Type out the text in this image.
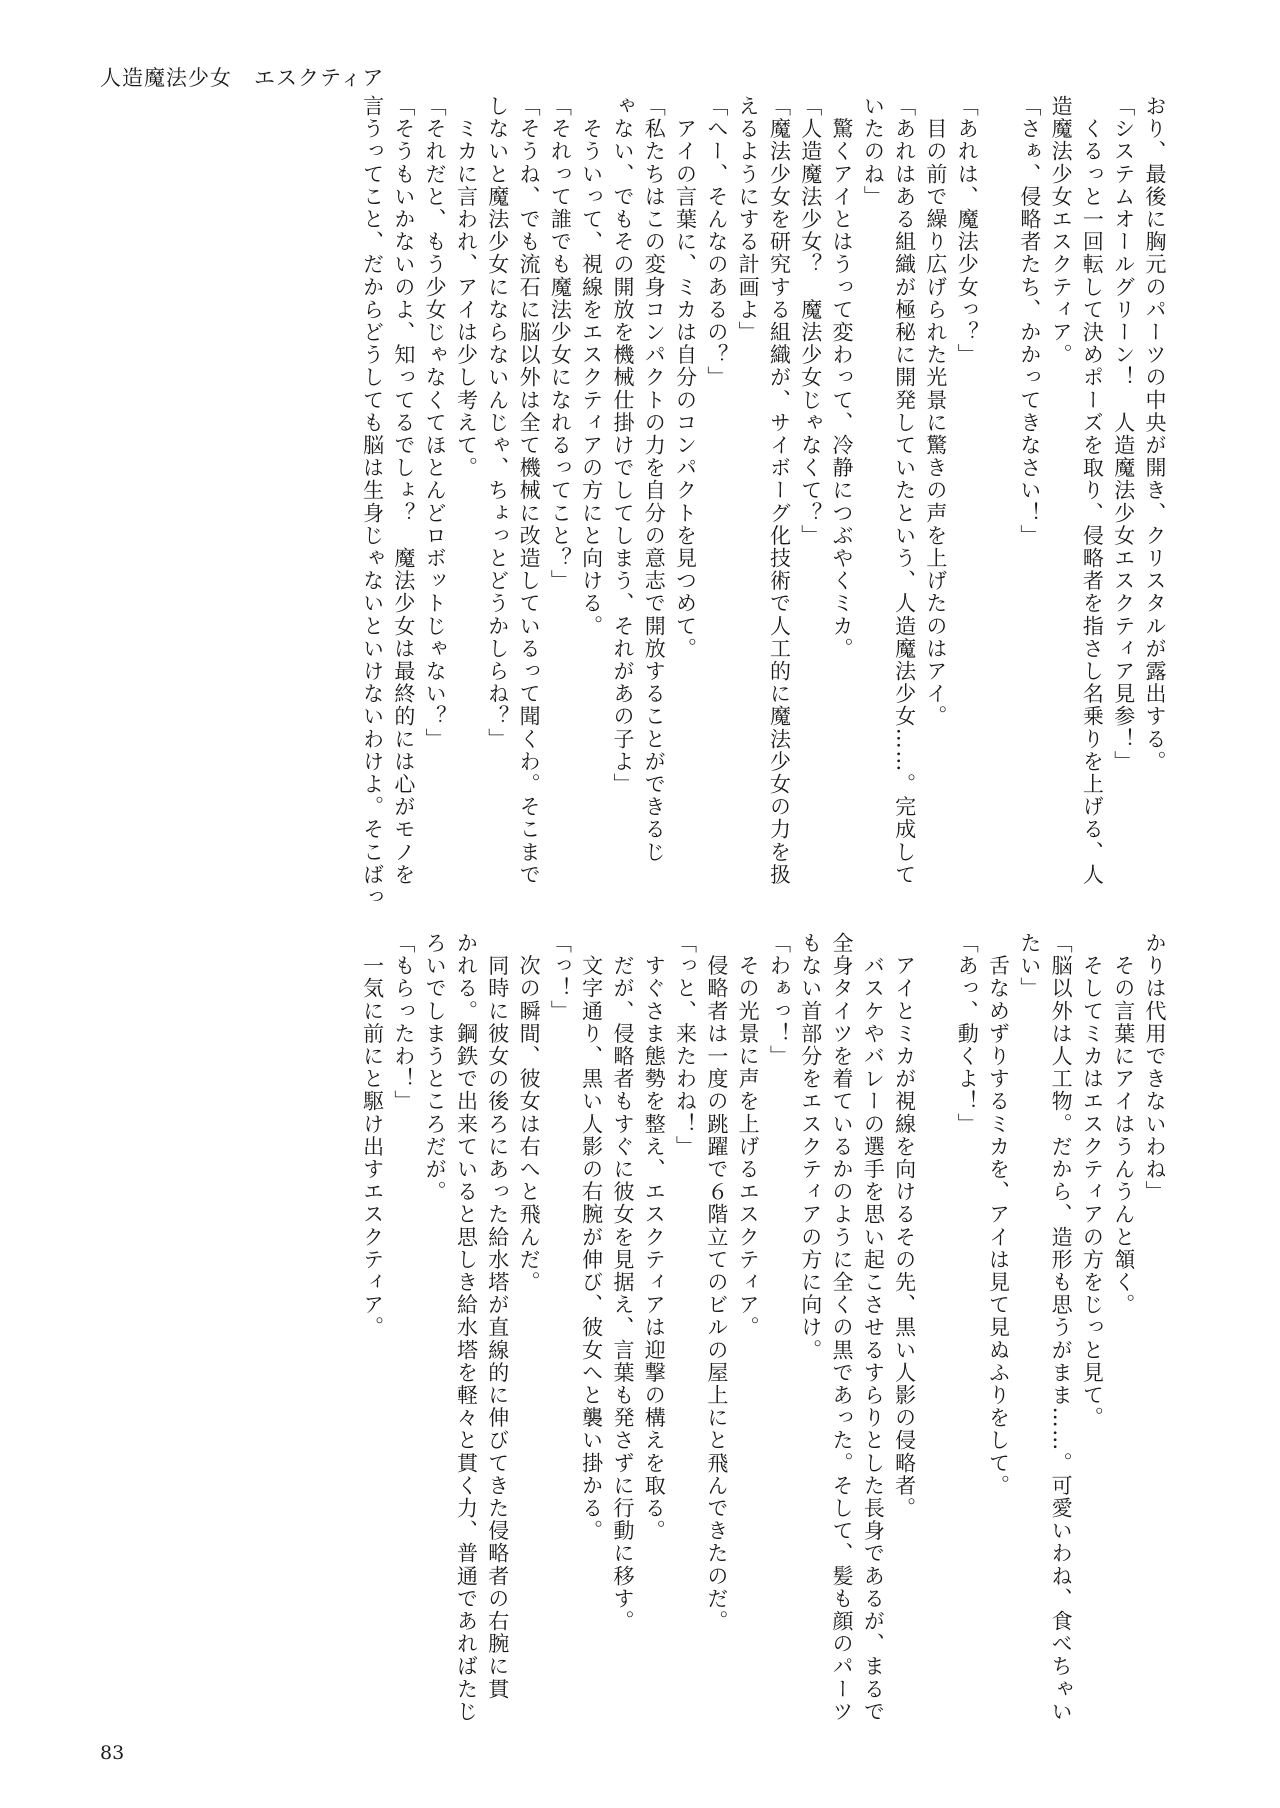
人造魔法少女　エスクティア
おり、最後に胸元のパーツの中央が開き、クリスタルが露出する。
「システムオールグリーン！　人造魔法少女エスクティア見参！」
　くるっと一回転して決めポーズを取り、侵略者を指さし名乗りを上げる、人
造魔法少女エスクティア。
「さぁ、侵略者たち、かかってきなさい！」

「あれは、魔法少女っ？」
　目の前で繰り広げられた光景に驚きの声を上げたのはアイ。
「あれはある組織が極秘に開発していたという、人造魔法少女……。完成して
いたのね」
　驚くアイとはうって変わって、冷静につぶやくミカ。
「人造魔法少女？　魔法少女じゃなくて？」
「魔法少女を研究する組織が、サイボーグ化技術で人工的に魔法少女の力を扱
えるようにする計画よ」
「へー、そんなのあるの？」
　アイの言葉に、ミカは自分のコンパクトを見つめて。
「私たちはこの変身コンパクトの力を自分の意志で開放することができるじ
ゃない、でもその開放を機械仕掛けでしてしまう、それがあの子よ」
　そういって、視線をエスクティアの方にと向ける。
「それって誰でも魔法少女になれるってこと？」
「そうね、でも流石に脳以外は全て機械に改造しているって聞くわ。そこまで
しないと魔法少女にならないんじゃ、ちょっとどうかしらね？」
　ミカに言われ、アイは少し考えて。
「それだと、もう少女じゃなくてほとんどロボットじゃない？」
「そうもいかないのよ、知ってるでしょ？　魔法少女は最終的には心がモノを
言うってこと、だからどうしても脳は生身じゃないといけないわけよ。そこばっ
かりは代用できないわね」
　その言葉にアイはうんうんと頷く。
　そしてミカはエスクティアの方をじっと見て。
「脳以外は人工物。だから、造形も思うがまま……。可愛いわね、食べちゃい
たい」
　舌なめずりするミカを、アイは見て見ぬふりをして。
「あっ、動くよ！」

　アイとミカが視線を向けるその先、黒い人影の侵略者。
　バスケやバレーの選手を思い起こさせるすらりとした長身であるが、まるで
全身タイツを着ているかのように全くの黒であった。そして、髪も顔のパーツ
もない首部分をエスクティアの方に向け。
「わぁっ！」
　その光景に声を上げるエスクティア。
　侵略者は一度の跳躍で６階立てのビルの屋上にと飛んできたのだ。
「っと、来たわね！」
　すぐさま態勢を整え、エスクティアは迎撃の構えを取る。
　だが、侵略者もすぐに彼女を見据え、言葉も発さずに行動に移す。
　文字通り、黒い人影の右腕が伸び、彼女へと襲い掛かる。
「っ！」
　次の瞬間、彼女は右へと飛んだ。
　同時に彼女の後ろにあった給水塔が直線的に伸びてきた侵略者の右腕に貫
かれる。鋼鉄で出来ていると思しき給水塔を軽々と貫く力、普通であればたじ
ろいでしまうところだが。
「もらったわ！」
　一気に前にと駆け出すエスクティア。
83
